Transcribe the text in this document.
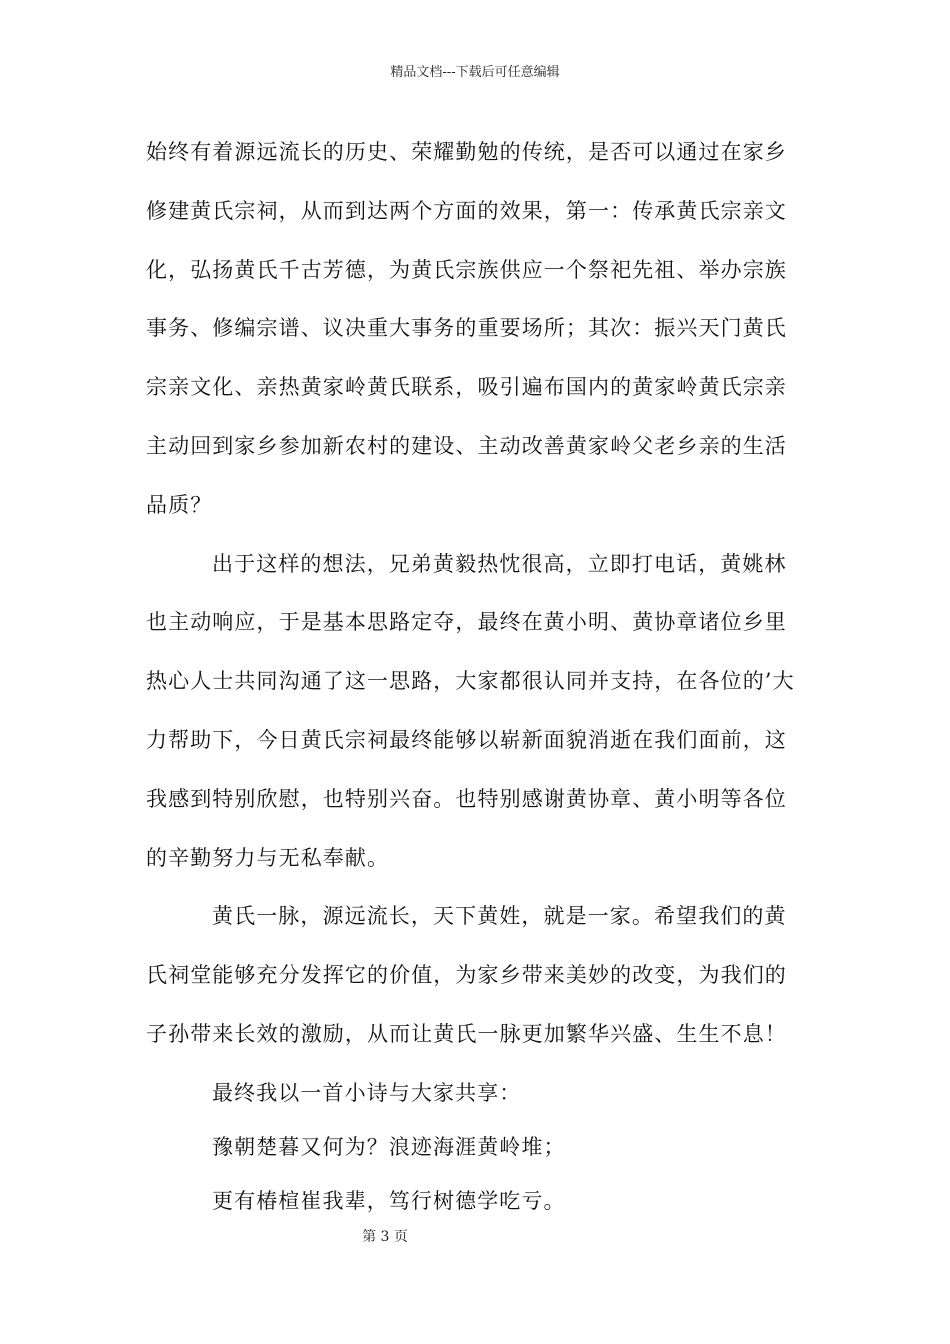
精品文档---下载后可任意编辑
始终有着源远流长的历史、荣耀勤勉的传统，是否可以通过在家乡
修建黄氏宗祠，从而到达两个方面的效果，第一：传承黄氏宗亲文
化，弘扬黄氏千古芳德，为黄氏宗族供应一个祭祀先祖、举办宗族
事务、修编宗谱、议决重大事务的重要场所；其次：振兴天门黄氏
宗亲文化、亲热黄家岭黄氏联系，吸引遍布国内的黄家岭黄氏宗亲
主动回到家乡参加新农村的建设、主动改善黄家岭父老乡亲的生活
品质？
出于这样的想法，兄弟黄毅热忱很高，立即打电话，黄姚林
也主动响应，于是基本思路定夺，最终在黄小明、黄协章诸位乡里
热心人士共同沟通了这一思路，大家都很认同并支持，在各位的’大
力帮助下，今日黄氏宗祠最终能够以崭新面貌消逝在我们面前，这
我感到特别欣慰，也特别兴奋。也特别感谢黄协章、黄小明等各位
的辛勤努力与无私奉献。
黄氏一脉，源远流长，天下黄姓，就是一家。希望我们的黄
氏祠堂能够充分发挥它的价值，为家乡带来美妙的改变，为我们的
子孙带来长效的激励，从而让黄氏一脉更加繁华兴盛、生生不息！
最终我以一首小诗与大家共享：
豫朝楚暮又何为？浪迹海涯黄岭堆；
更有椿楦崔我辈，笃行树德学吃亏。
第 3 页
